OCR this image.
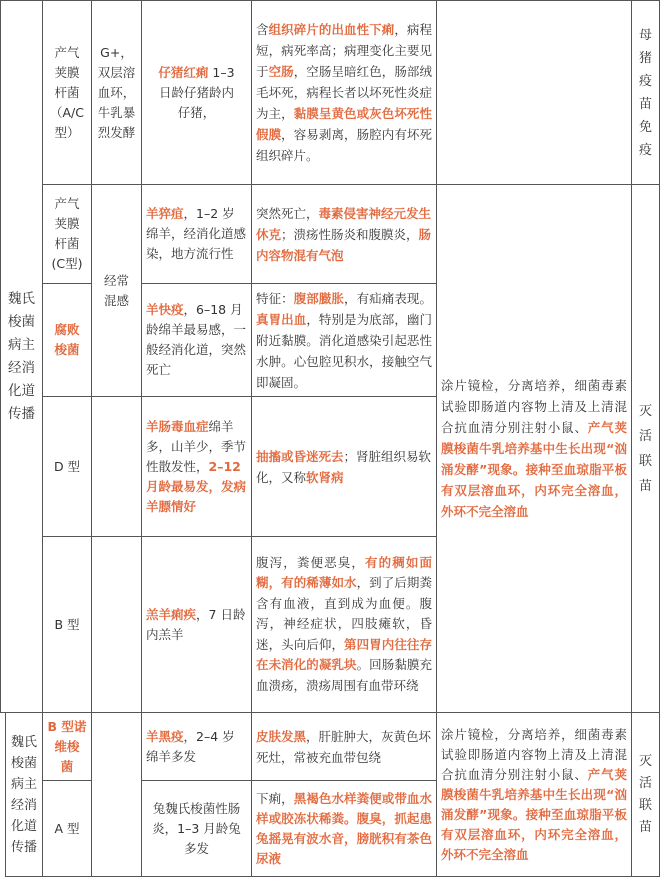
魏氏
梭菌
病主
经消
化道
传播
魏氏
梭菌
病主
经消
化道
传播
产气
荚膜
杆菌
（A/C
型）
G+，
双层溶
血环，
牛乳暴
烈发酵
仔猪红痢 1–3
日龄仔猪龄内
仔猪，
含组织碎片的出血性下痢，病程短，病死率高；病理变化主要见于空肠，空肠呈暗红色，肠部绒毛坏死，病程长者以坏死性炎症为主，黏膜呈黄色或灰色坏死性假膜，容易剥离，肠腔内有坏死组织碎片。
母
猪
疫
苗
免
疫
产气
荚膜
杆菌
(C型)
经常
混感
羊猝疽，1–2 岁绵羊，经消化道感染，地方流行性
突然死亡，毒素侵害神经元发生休克；溃疡性肠炎和腹膜炎，肠内容物混有气泡
涂片镜检，分离培养，细菌毒素试验即肠道内容物上清及上清混合抗血清分别注射小鼠、产气荚膜梭菌牛乳培养基中生长出现“汹涌发酵”现象。接种至血琼脂平板有双层溶血环，内环完全溶血，外环不完全溶血
灭
活
联
苗
腐败
梭菌
羊快疫，6–18 月龄绵羊最易感，一般经消化道，突然死亡
特征：腹部臌胀，有疝痛表现。真胃出血，特别是为底部，幽门附近黏膜。消化道感染引起恶性水肿。心包腔见积水，接触空气即凝固。
D 型
羊肠毒血症绵羊多，山羊少，季节性散发性，2–12 月龄最易发，发病羊膘情好
抽搐或昏迷死去；肾脏组织易软化，又称软肾病
B 型
羔羊痢疾，7 日龄内羔羊
腹泻，粪便恶臭，有的稠如面糊，有的稀薄如水，到了后期粪含有血液，直到成为血便。腹泻，神经症状，四肢瘫软，昏迷，头向后仰，第四胃内往往存在未消化的凝乳块。回肠黏膜充血溃疡，溃疡周围有血带环绕
B 型诺
维梭
菌
羊黑疫，2–4 岁绵羊多发
皮肤发黑，肝脏肿大，灰黄色坏死灶，常被充血带包绕
涂片镜检，分离培养，细菌毒素试验即肠道内容物上清及上清混合抗血清分别注射小鼠、产气荚膜梭菌牛乳培养基中生长出现“汹涌发酵”现象。接种至血琼脂平板有双层溶血环，内环完全溶血，外环不完全溶血
灭
活
联
苗
A 型
兔魏氏梭菌性肠炎，1–3 月龄兔多发
下痢，黑褐色水样粪便或带血水样或胶冻状稀粪。腹臭，抓起患兔摇晃有波水音，膀胱积有茶色尿液
